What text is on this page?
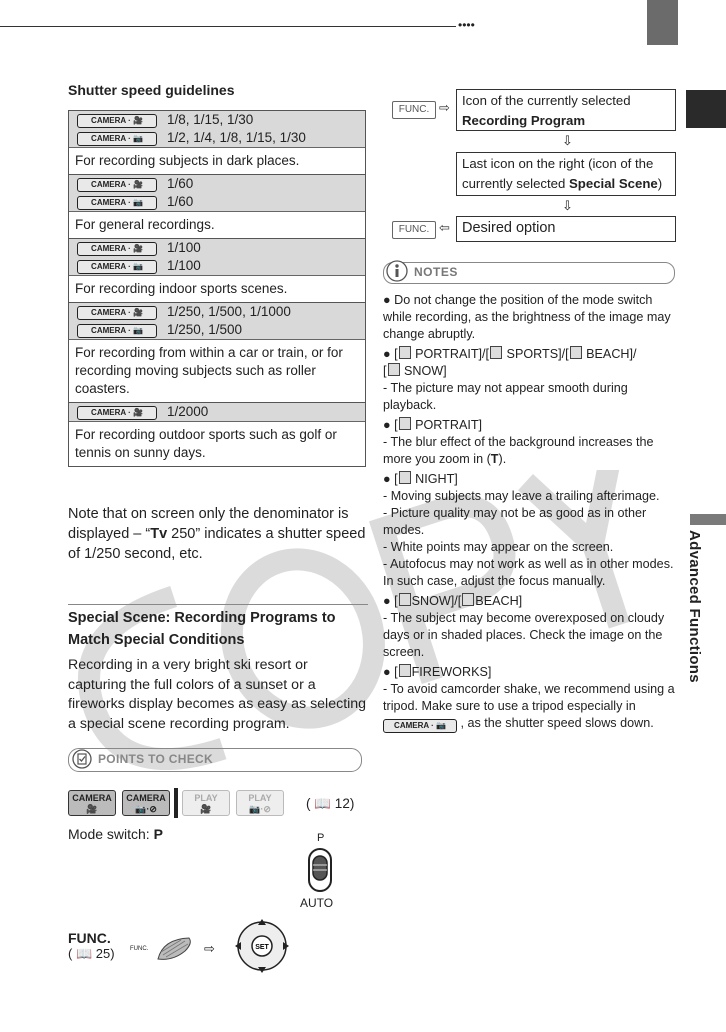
••••
Advanced Functions
Shutter speed guidelines
CAMERA · 🎥	1/8, 1/15, 1/30
CAMERA · 📷	1/2, 1/4, 1/8, 1/15, 1/30
For recording subjects in dark places.
CAMERA · 🎥	1/60
CAMERA · 📷	1/60
For general recordings.
CAMERA · 🎥	1/100
CAMERA · 📷	1/100
For recording indoor sports scenes.
CAMERA · 🎥	1/250, 1/500, 1/1000
CAMERA · 📷	1/250, 1/500
For recording from within a car or train, or for recording moving subjects such as roller coasters.
CAMERA · 🎥	1/2000
For recording outdoor sports such as golf or tennis on sunny days.
Note that on screen only the denominator is displayed – “Tv 250” indicates a shutter speed of 1/250 second, etc.
Special Scene: Recording Programs to Match Special Conditions
Recording in a very bright ski resort or capturing the full colors of a sunset or a fireworks display becomes as easy as selecting a special scene recording program.
POINTS TO CHECK
CAMERA
🎥
CAMERA
📷·⊘
PLAY
🎥
PLAY
📷·⊘	( 📖 12)
Mode switch: P	P
AUTO
FUNC.
( 📖 25)	FUNC.	⇨	SET
FUNC. ⇨ Icon of the currently selected
Recording Program
⇩
Last icon on the right (icon of the
currently selected Special Scene)
⇩
FUNC. ⇦ Desired option
NOTES

● Do not change the position of the mode switch while recording, as the brightness of the image may change abruptly.

● [ PORTRAIT]/[ SPORTS]/[ BEACH]/
[ SNOW]
- The picture may not appear smooth during playback.

● [ PORTRAIT]
- The blur effect of the background increases the more you zoom in (T).

● [ NIGHT]
- Moving subjects may leave a trailing afterimage.
- Picture quality may not be as good as in other modes.
- White points may appear on the screen.
- Autofocus may not work as well as in other modes. In such case, adjust the focus manually.

● [ SNOW]/[ BEACH]
- The subject may become overexposed on cloudy days or in shaded places. Check the image on the screen.

● [ FIREWORKS]
- To avoid camcorder shake, we recommend using a tripod. Make sure to use a tripod especially in CAMERA · 📷 , as the shutter speed slows down.
